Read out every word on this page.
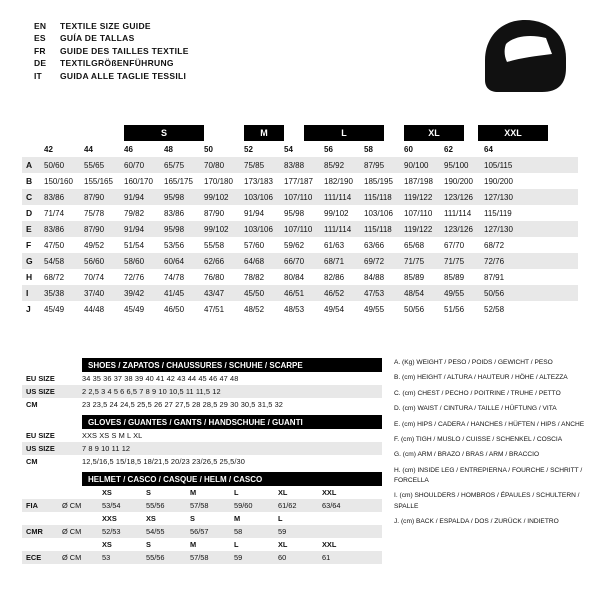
EN	TEXTILE SIZE GUIDE
ES	GUÍA DE TALLAS
FR	GUIDE DES TAILLES TEXTILE
DE	TEXTILGRÖßENFÜHRUNG
IT	GUIDA ALLE TAGLIE TESSILI
S	M	L	XL	XXL
42	44	46	48	50	52	54	56	58	60	62	64
A	50/60	55/65	60/70	65/75	70/80	75/85	83/88	85/92	87/95	90/100	95/100	105/115
B	150/160	155/165	160/170	165/175	170/180	173/183	177/187	182/190	185/195	187/198	190/200	190/200
C	83/86	87/90	91/94	95/98	99/102	103/106	107/110	111/114	115/118	119/122	123/126	127/130
D	71/74	75/78	79/82	83/86	87/90	91/94	95/98	99/102	103/106	107/110	111/114	115/119
E	83/86	87/90	91/94	95/98	99/102	103/106	107/110	111/114	115/118	119/122	123/126	127/130
F	47/50	49/52	51/54	53/56	55/58	57/60	59/62	61/63	63/66	65/68	67/70	68/72
G	54/58	56/60	58/60	60/64	62/66	64/68	66/70	68/71	69/72	71/75	71/75	72/76
H	68/72	70/74	72/76	74/78	76/80	78/82	80/84	82/86	84/88	85/89	85/89	87/91
I	35/38	37/40	39/42	41/45	43/47	45/50	46/51	46/52	47/53	48/54	49/55	50/56
J	45/49	44/48	45/49	46/50	47/51	48/52	48/53	49/54	49/55	50/56	51/56	52/58
SHOES / ZAPATOS / CHAUSSURES / SCHUHE / SCARPE
EU SIZE	34 35 36 37 38 39 40 41 42 43 44 45 46 47 48
US SIZE	2 2,5 3 4 5 6 6,5 7 8 9 10 10,5 11 11,5 12
CM	23 23,5 24 24,5 25,5 26 27 27,5 28 28,5 29 30 30,5 31,5 32
GLOVES / GUANTES / GANTS / HANDSCHUHE / GUANTI
EU SIZE	XXS XS S M L XL
US SIZE	7 8 9 10 11 12
CM	12,5/16,5 15/18,5 18/21,5 20/23 23/26,5 25,5/30
HELMET / CASCO / CASQUE / HELM / CASCO
XS	S	M	L	XL	XXL
FIA	Ø CM	53/54	55/56	57/58	59/60	61/62	63/64
XXS	XS	S	M	L
CMR	Ø CM	52/53	54/55	56/57	58	59
XS	S	M	L	XL	XXL
ECE	Ø CM	53	55/56	57/58	59	60	61
A. (Kg) WEIGHT / PESO / POIDS / GEWICHT / PESO
B. (cm) HEIGHT / ALTURA / HAUTEUR / HÖHE / ALTEZZA
C. (cm) CHEST / PECHO / POITRINE / TRUHE / PETTO
D. (cm) WAIST / CINTURA / TAILLE / HÜFTUNG / VITA
E. (cm) HIPS / CADERA / HANCHES / HÜFTEN / HIPS / ANCHE
F. (cm) TIGH / MUSLO / CUISSE / SCHENKEL / COSCIA
G. (cm) ARM / BRAZO / BRAS / ARM / BRACCIO
H. (cm) INSIDE LEG / ENTREPIERNA / FOURCHE / SCHRITT / FORCELLA
I. (cm) SHOULDERS / HOMBROS / ÉPAULES / SCHULTERN / SPALLE
J. (cm) BACK / ESPALDA / DOS / ZURÜCK / INDIETRO
